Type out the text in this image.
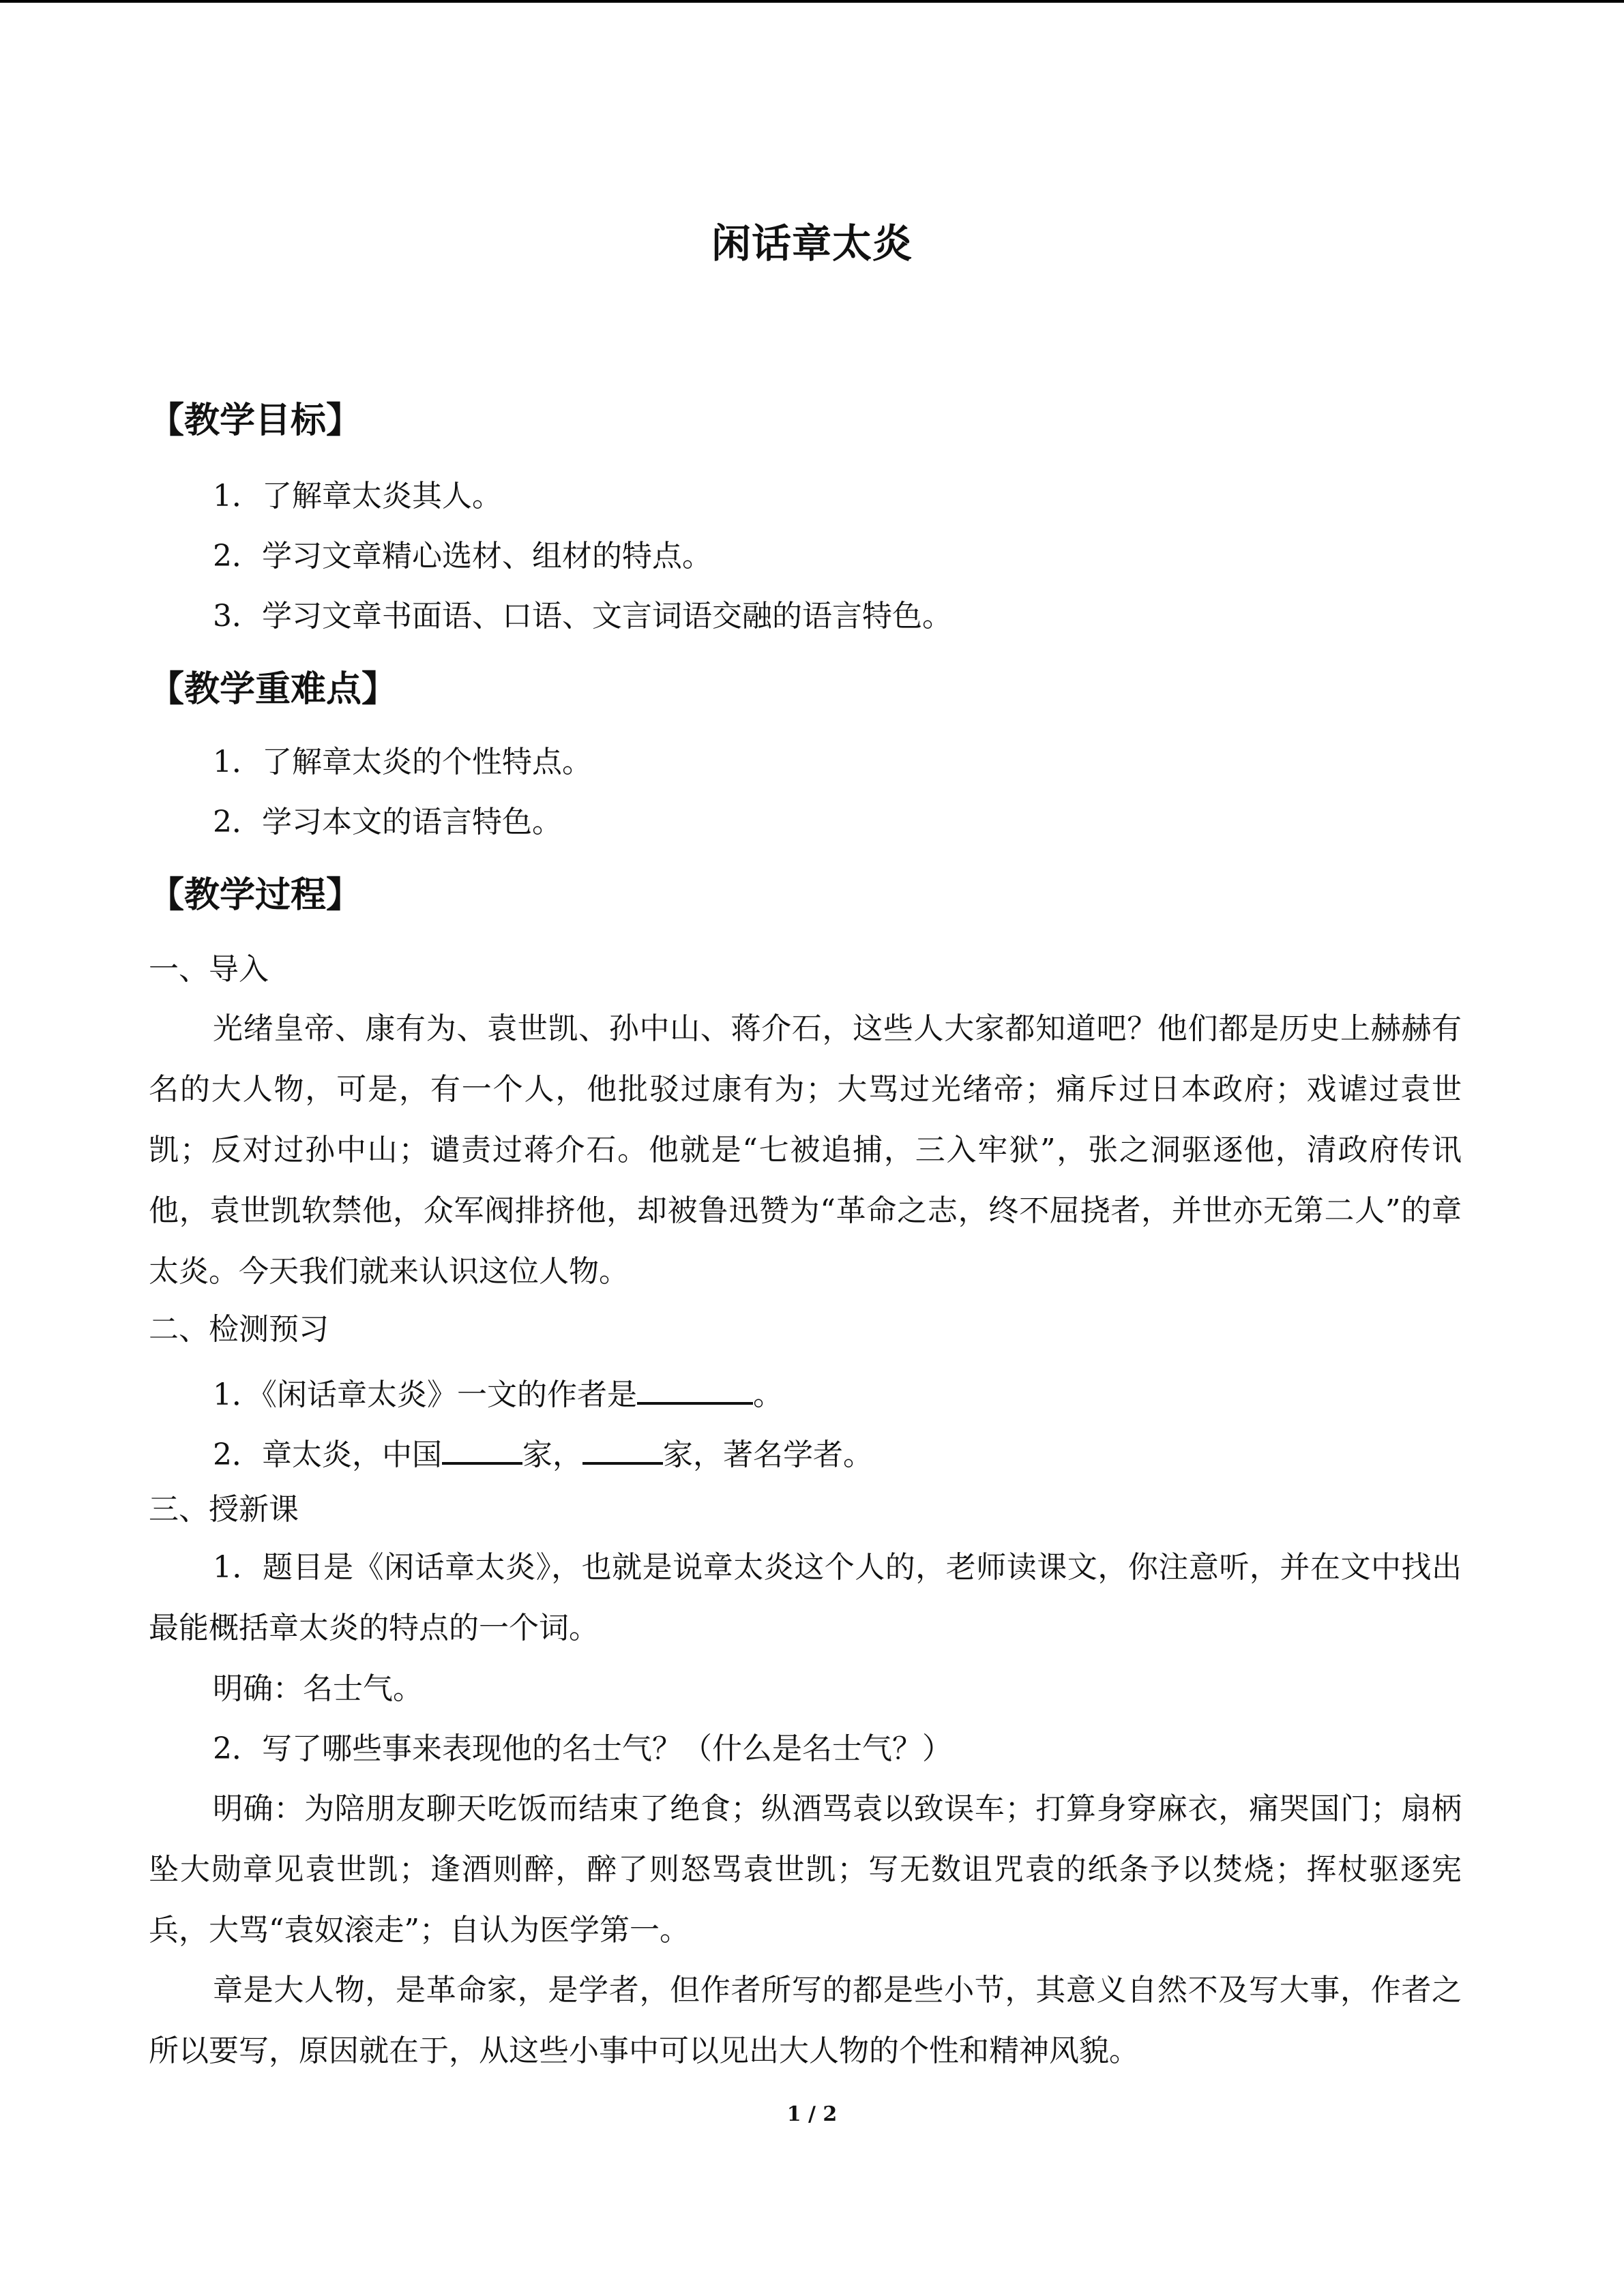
闲话章太炎
【教学目标】
1．了解章太炎其人。
2．学习文章精心选材、组材的特点。
3．学习文章书面语、口语、文言词语交融的语言特色。
【教学重难点】
1．了解章太炎的个性特点。
2．学习本文的语言特色。
【教学过程】
一、导入
光绪皇帝、康有为、袁世凯、孙中山、蒋介石，这些人大家都知道吧？他们都是历史上赫赫有名的大人物，可是，有一个人，他批驳过康有为；大骂过光绪帝；痛斥过日本政府；戏谑过袁世凯；反对过孙中山；谴责过蒋介石。他就是“七被追捕，三入牢狱”，张之洞驱逐他，清政府传讯他，袁世凯软禁他，众军阀排挤他，却被鲁迅赞为“革命之志，终不屈挠者，并世亦无第二人”的章太炎。今天我们就来认识这位人物。
二、检测预习
1．《闲话章太炎》一文的作者是	。
2．章太炎，中国	家，	家，著名学者。
三、授新课
1．题目是《闲话章太炎》，也就是说章太炎这个人的，老师读课文，你注意听，并在文中找出最能概括章太炎的特点的一个词。
明确：名士气。
2．写了哪些事来表现他的名士气？（什么是名士气？）
明确：为陪朋友聊天吃饭而结束了绝食；纵酒骂袁以致误车；打算身穿麻衣，痛哭国门；扇柄坠大勋章见袁世凯；逢酒则醉，醉了则怒骂袁世凯；写无数诅咒袁的纸条予以焚烧；挥杖驱逐宪兵，大骂“袁奴滚走”；自认为医学第一。
章是大人物，是革命家，是学者，但作者所写的都是些小节，其意义自然不及写大事，作者之所以要写，原因就在于，从这些小事中可以见出大人物的个性和精神风貌。
1 / 2
